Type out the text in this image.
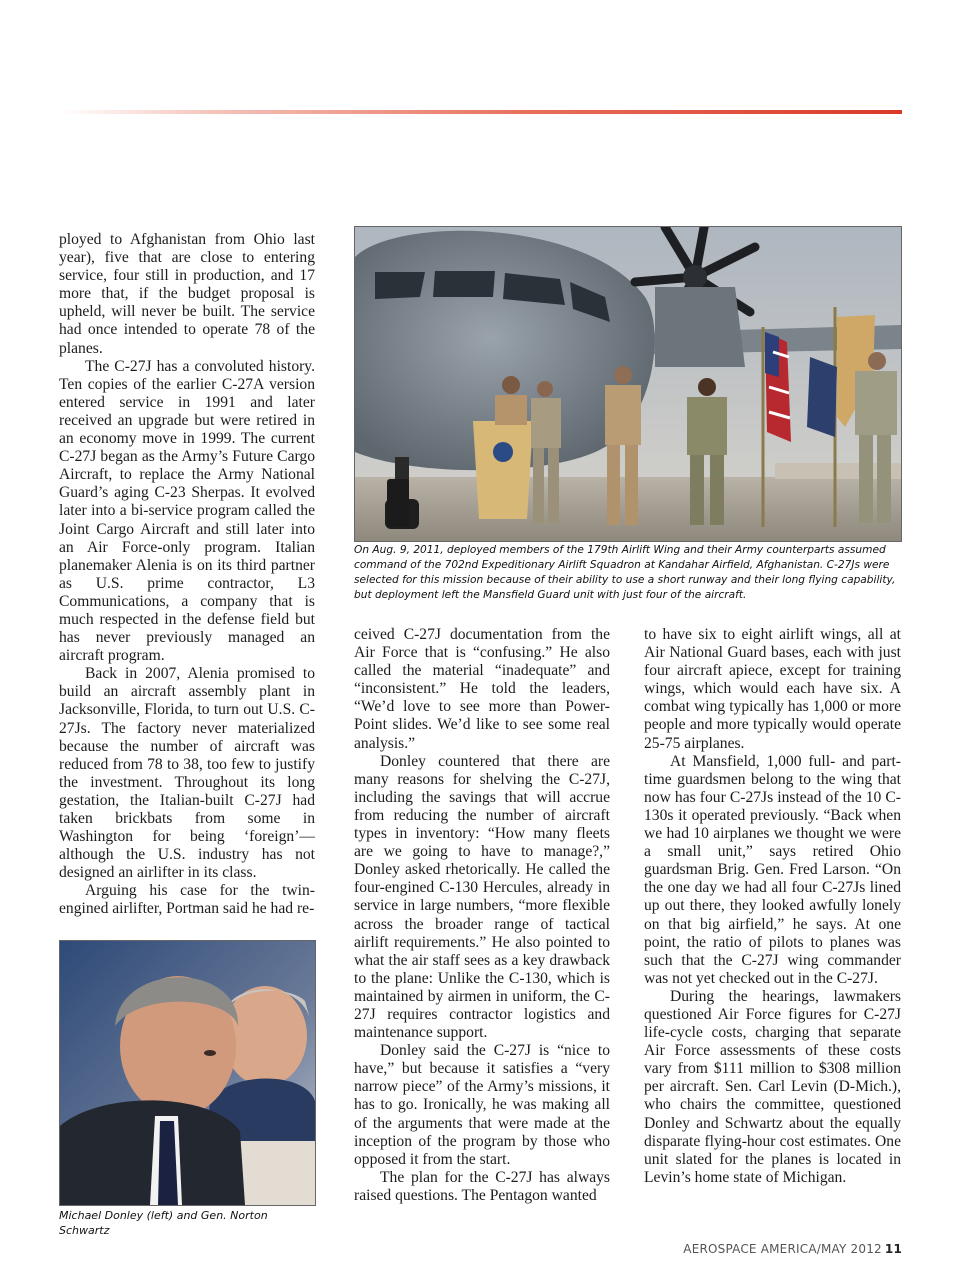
ployed to Afghanistan from Ohio last year), five that are close to entering service, four still in production, and 17 more that, if the budget proposal is upheld, will never be built. The service had once intended to operate 78 of the planes.

The C-27J has a convoluted history. Ten copies of the earlier C-27A version entered service in 1991 and later received an upgrade but were retired in an economy move in 1999. The current C-27J began as the Army’s Future Cargo Aircraft, to replace the Army National Guard’s aging C-23 Sherpas. It evolved later into a bi-service program called the Joint Cargo Aircraft and still later into an Air Force-only program. Italian planemaker Alenia is on its third partner as U.S. prime contractor, L3 Communications, a company that is much respected in the defense field but has never previously managed an aircraft program.

Back in 2007, Alenia promised to build an aircraft assembly plant in Jacksonville, Florida, to turn out U.S. C-27Js. The factory never materialized because the number of aircraft was reduced from 78 to 38, too few to justify the investment. Throughout its long gestation, the Italian-built C-27J had taken brickbats from some in Washington for being ‘foreign’—although the U.S. industry has not designed an airlifter in its class.

Arguing his case for the twin-engined airlifter, Portman said he had re-

On Aug. 9, 2011, deployed members of the 179th Airlift Wing and their Army counterparts assumed command of the 702nd Expeditionary Airlift Squadron at Kandahar Airfield, Afghanistan. C-27Js were selected for this mission because of their ability to use a short runway and their long flying capability, but deployment left the Mansfield Guard unit with just four of the aircraft.

ceived C-27J documentation from the Air Force that is “confusing.” He also called the material “inadequate” and “inconsistent.” He told the leaders, “We’d love to see more than Power-Point slides. We’d like to see some real analysis.”

Donley countered that there are many reasons for shelving the C-27J, including the savings that will accrue from reducing the number of aircraft types in inventory: “How many fleets are we going to have to manage?,” Donley asked rhetorically. He called the four-engined C-130 Hercules, already in service in large numbers, “more flexible across the broader range of tactical airlift requirements.” He also pointed to what the air staff sees as a key drawback to the plane: Unlike the C-130, which is maintained by airmen in uniform, the C-27J requires contractor logistics and maintenance support.

Donley said the C-27J is “nice to have,” but because it satisfies a “very narrow piece” of the Army’s missions, it has to go. Ironically, he was making all of the arguments that were made at the inception of the program by those who opposed it from the start.

The plan for the C-27J has always raised questions. The Pentagon wanted

to have six to eight airlift wings, all at Air National Guard bases, each with just four aircraft apiece, except for training wings, which would each have six. A combat wing typically has 1,000 or more people and more typically would operate 25-75 airplanes.

At Mansfield, 1,000 full- and part-time guardsmen belong to the wing that now has four C-27Js instead of the 10 C-130s it operated previously. “Back when we had 10 airplanes we thought we were a small unit,” says retired Ohio guardsman Brig. Gen. Fred Larson. “On the one day we had all four C-27Js lined up out there, they looked awfully lonely on that big airfield,” he says. At one point, the ratio of pilots to planes was such that the C-27J wing commander was not yet checked out in the C-27J.

During the hearings, lawmakers questioned Air Force figures for C-27J life-cycle costs, charging that separate Air Force assessments of these costs vary from $111 million to $308 million per aircraft. Sen. Carl Levin (D-Mich.), who chairs the committee, questioned Donley and Schwartz about the equally disparate flying-hour cost estimates. One unit slated for the planes is located in Levin’s home state of Michigan.

Michael Donley (left) and Gen. Norton Schwartz
AEROSPACE AMERICA/MAY 2012 11
